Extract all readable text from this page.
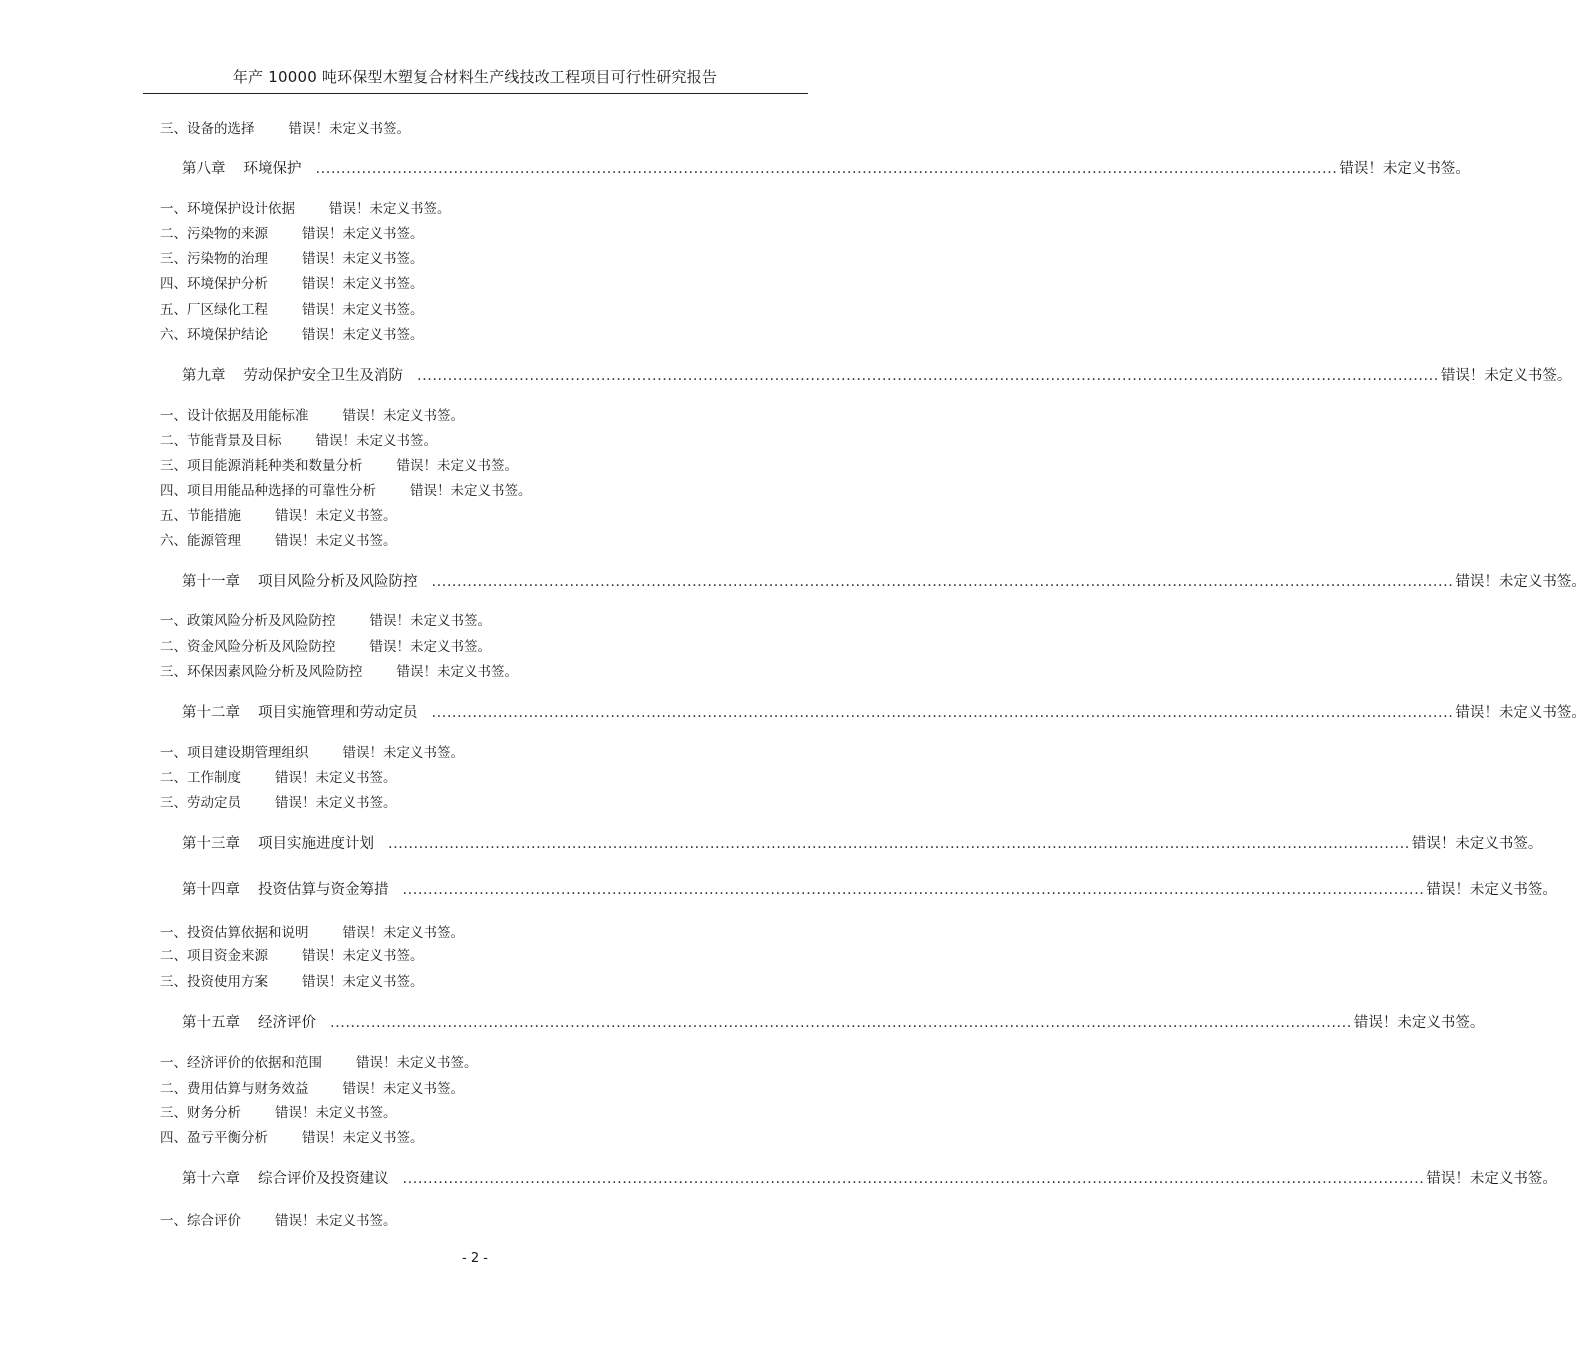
年产 10000 吨环保型木塑复合材料生产线技改工程项目可行性研究报告
三、设备的选择	错误！未定义书签。
第八章 环境保护 ........................................................................................................................................................................................................ 错误！未定义书签。
一、环境保护设计依据	错误！未定义书签。
二、污染物的来源	错误！未定义书签。
三、污染物的治理	错误！未定义书签。
四、环境保护分析	错误！未定义书签。
五、厂区绿化工程	错误！未定义书签。
六、环境保护结论	错误！未定义书签。
第九章 劳动保护安全卫生及消防 ........................................................................................................................................................................................................ 错误！未定义书签。
一、设计依据及用能标准	错误！未定义书签。
二、节能背景及目标	错误！未定义书签。
三、项目能源消耗种类和数量分析	错误！未定义书签。
四、项目用能品种选择的可靠性分析	错误！未定义书签。
五、节能措施	错误！未定义书签。
六、能源管理	错误！未定义书签。
第十一章 项目风险分析及风险防控 ........................................................................................................................................................................................................ 错误！未定义书签。
一、政策风险分析及风险防控	错误！未定义书签。
二、资金风险分析及风险防控	错误！未定义书签。
三、环保因素风险分析及风险防控	错误！未定义书签。
第十二章 项目实施管理和劳动定员 ........................................................................................................................................................................................................ 错误！未定义书签。
一、项目建设期管理组织	错误！未定义书签。
二、工作制度	错误！未定义书签。
三、劳动定员	错误！未定义书签。
第十三章 项目实施进度计划 ........................................................................................................................................................................................................ 错误！未定义书签。
第十四章 投资估算与资金筹措 ........................................................................................................................................................................................................ 错误！未定义书签。
一、投资估算依据和说明	错误！未定义书签。
二、项目资金来源	错误！未定义书签。
三、投资使用方案	错误！未定义书签。
第十五章 经济评价 ........................................................................................................................................................................................................ 错误！未定义书签。
一、经济评价的依据和范围	错误！未定义书签。
二、费用估算与财务效益	错误！未定义书签。
三、财务分析	错误！未定义书签。
四、盈亏平衡分析	错误！未定义书签。
第十六章 综合评价及投资建议 ........................................................................................................................................................................................................ 错误！未定义书签。
一、综合评价	错误！未定义书签。
- 2 -
